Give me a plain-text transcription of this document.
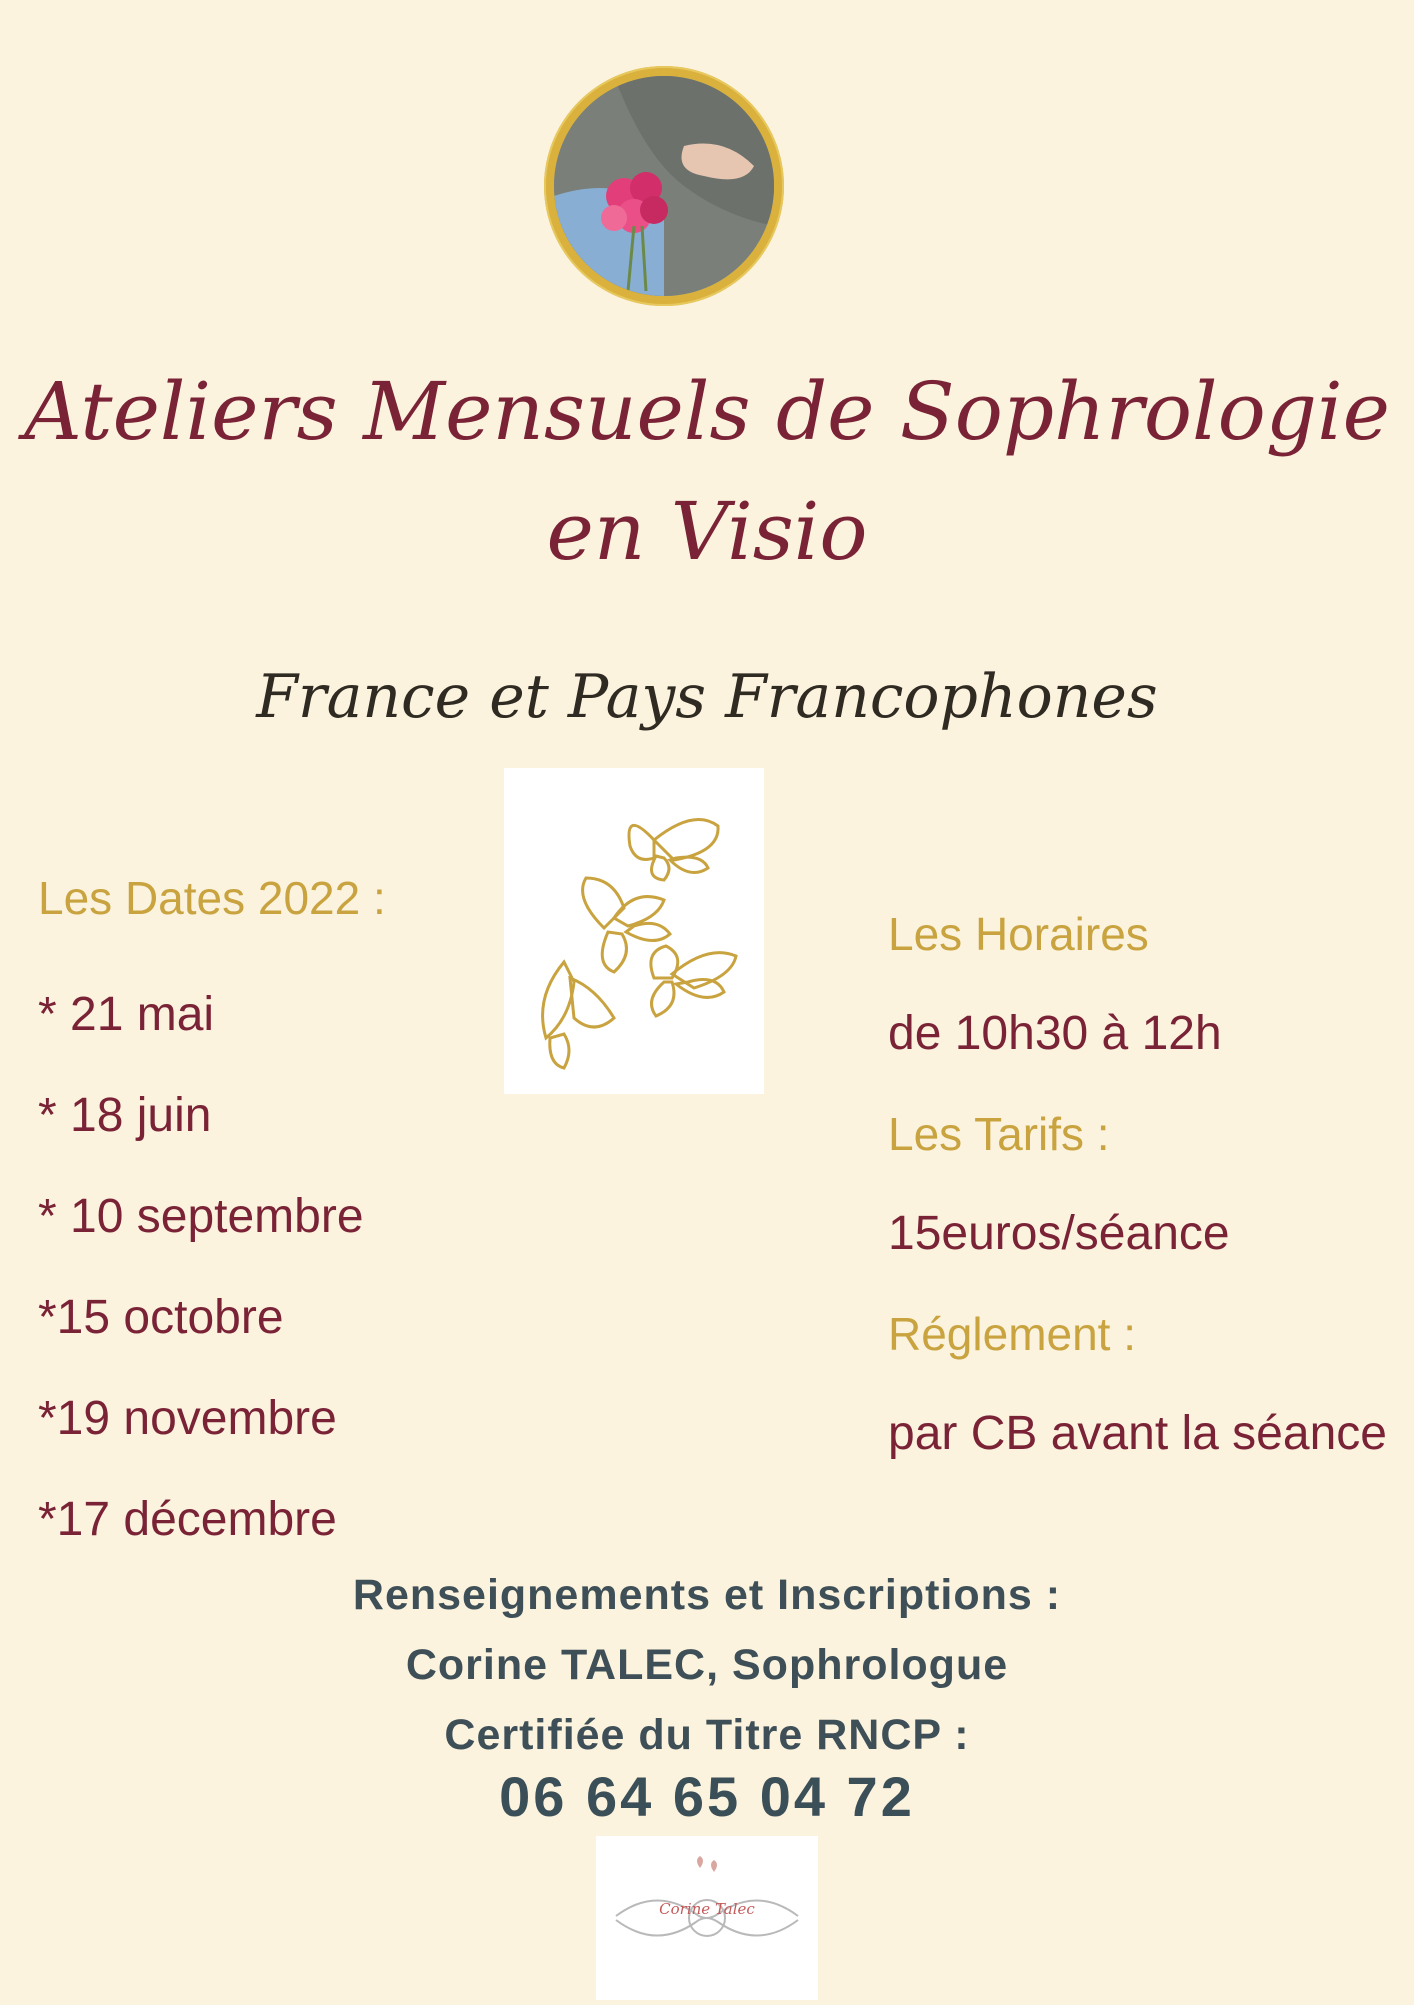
Ateliers Mensuels de Sophrologie
en Visio
France et Pays Francophones
Les Dates 2022 :
* 21 mai
* 18 juin
* 10 septembre
*15 octobre
*19 novembre
*17 décembre
Les Horaires
de 10h30 à 12h
Les Tarifs :
15euros/séance
Réglement :
par CB avant la séance
Renseignements et Inscriptions :
Corine TALEC, Sophrologue
Certifiée du Titre RNCP :
06 64 65 04 72
Corine Talec
